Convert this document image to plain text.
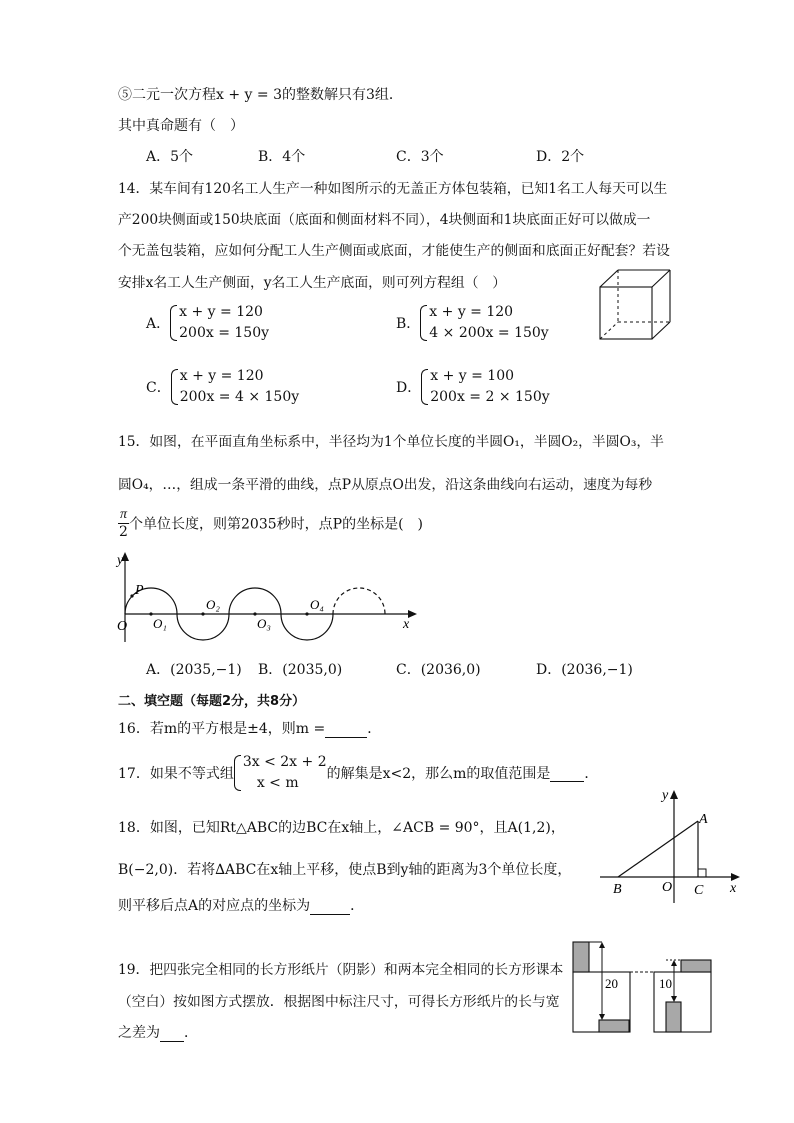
⑤二元一次方程x + y = 3的整数解只有3组．
其中真命题有（　）
A．5个	B．4个	C．3个	D．2个
14．某车间有120名工人生产一种如图所示的无盖正方体包装箱，已知1名工人每天可以生
产200块侧面或150块底面（底面和侧面材料不同），4块侧面和1块底面正好可以做成一
个无盖包装箱，应如何分配工人生产侧面或底面，才能使生产的侧面和底面正好配套？若设
安排x名工人生产侧面，y名工人生产底面，则可列方程组（　）
A．
x + y = 120
200x = 150y
B．
x + y = 120
4 × 200x = 150y
C．
x + y = 120
200x = 4 × 150y
D．
x + y = 100
200x = 2 × 150y
15．如图，在平面直角坐标系中，半径均为1个单位长度的半圆O₁，半圆O₂，半圆O₃，半
圆O₄，…，组成一条平滑的曲线，点P从原点O出发，沿这条曲线向右运动，速度为每秒
$\frac{\pi}{2}$个单位长度，则第2035秒时，点P的坐标是(　)
y
x
P
O O₁
O₂
O₃
O₄
A．(2035,−1) B．(2035,0)	C．(2036,0)	D．(2036,−1)
二、填空题（每题2分，共8分）
16．若m的平方根是±4，则m =	．
17．如果不等式组
3x < 2x + 2
x < m
的解集是x<2，那么m的取值范围是 ．
18．如图，已知Rt△ABC的边BC在x轴上，∠ACB = 90°，且A(1,2)，
B(−2,0)．若将∆ABC在x轴上平移，使点B到y轴的距离为3个单位长度，
则平移后点A的对应点的坐标为	．
y
x
A
B	O C
19．把四张完全相同的长方形纸片（阴影）和两本完全相同的长方形课本
（空白）按如图方式摆放．根据图中标注尺寸，可得长方形纸片的长与宽
之差为 ．
20	10
